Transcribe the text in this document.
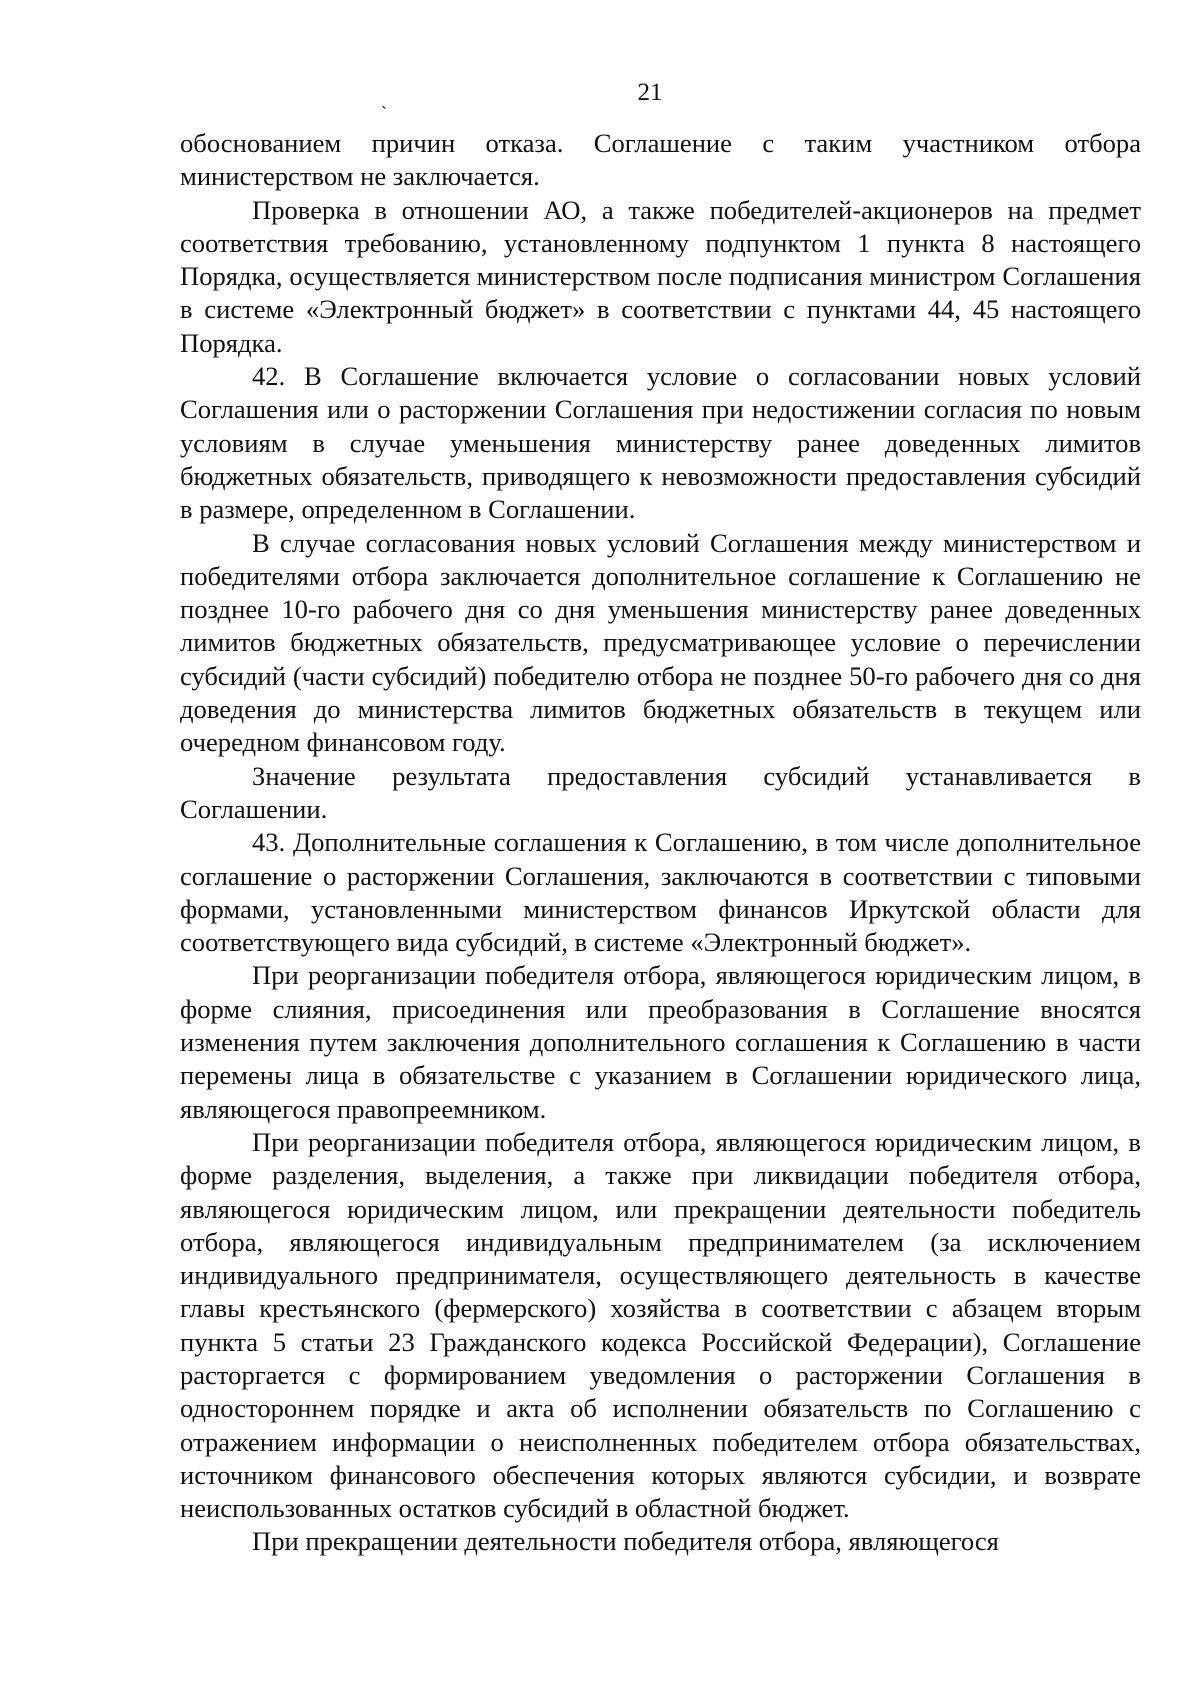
ˎ	21

обоснованием причин отказа. Соглашение с таким участником отбора министерством не заключается.

Проверка в отношении АО, а также победителей-акционеров на предмет соответствия требованию, установленному подпунктом 1 пункта 8 настоящего Порядка, осуществляется министерством после подписания министром Соглашения в системе «Электронный бюджет» в соответствии с пунктами 44, 45 настоящего Порядка.

42. В Соглашение включается условие о согласовании новых условий Соглашения или о расторжении Соглашения при недостижении согласия по новым условиям в случае уменьшения министерству ранее доведенных лимитов бюджетных обязательств, приводящего к невозможности предоставления субсидий в размере, определенном в Соглашении.

В случае согласования новых условий Соглашения между министерством и победителями отбора заключается дополнительное соглашение к Соглашению не позднее 10-го рабочего дня со дня уменьшения министерству ранее доведенных лимитов бюджетных обязательств, предусматривающее условие о перечислении субсидий (части субсидий) победителю отбора не позднее 50-го рабочего дня со дня доведения до министерства лимитов бюджетных обязательств в текущем или очередном финансовом году.

Значение результата предоставления субсидий устанавливается в Соглашении.

43. Дополнительные соглашения к Соглашению, в том числе дополнительное соглашение о расторжении Соглашения, заключаются в соответствии с типовыми формами, установленными министерством финансов Иркутской области для соответствующего вида субсидий, в системе «Электронный бюджет».

При реорганизации победителя отбора, являющегося юридическим лицом, в форме слияния, присоединения или преобразования в Соглашение вносятся изменения путем заключения дополнительного соглашения к Соглашению в части перемены лица в обязательстве с указанием в Соглашении юридического лица, являющегося правопреемником.

При реорганизации победителя отбора, являющегося юридическим лицом, в форме разделения, выделения, а также при ликвидации победителя отбора, являющегося юридическим лицом, или прекращении деятельности победитель отбора, являющегося индивидуальным предпринимателем (за исключением индивидуального предпринимателя, осуществляющего деятельность в качестве главы крестьянского (фермерского) хозяйства в соответствии с абзацем вторым пункта 5 статьи 23 Гражданского кодекса Российской Федерации), Соглашение расторгается с формированием уведомления о расторжении Соглашения в одностороннем порядке и акта об исполнении обязательств по Соглашению с отражением информации о неисполненных победителем отбора обязательствах, источником финансового обеспечения которых являются субсидии, и возврате неиспользованных остатков субсидий в областной бюджет.

При прекращении деятельности победителя отбора, являющегося
